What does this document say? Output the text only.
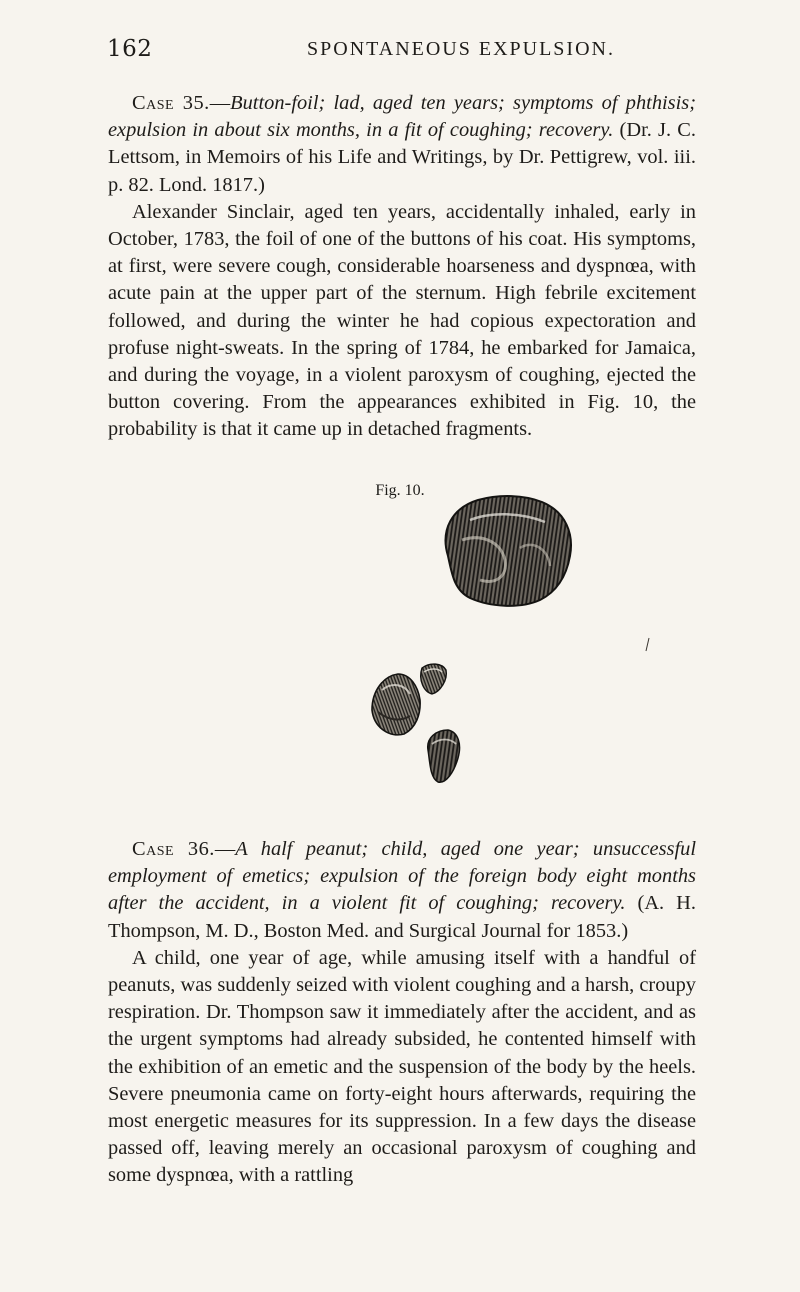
162	SPONTANEOUS EXPULSION.

Case 35.—Button-foil; lad, aged ten years; symptoms of phthisis; expulsion in about six months, in a fit of coughing; recovery. (Dr. J. C. Lettsom, in Memoirs of his Life and Writings, by Dr. Pettigrew, vol. iii. p. 82. Lond. 1817.)

Alexander Sinclair, aged ten years, accidentally inhaled, early in October, 1783, the foil of one of the buttons of his coat. His symptoms, at first, were severe cough, considerable hoarseness and dyspnœa, with acute pain at the upper part of the sternum. High febrile excitement followed, and during the winter he had copious expectoration and profuse night-sweats. In the spring of 1784, he embarked for Jamaica, and during the voyage, in a violent paroxysm of coughing, ejected the button covering. From the appearances exhibited in Fig. 10, the probability is that it came up in detached fragments.

Fig. 10.

Case 36.—A half peanut; child, aged one year; unsuccessful employment of emetics; expulsion of the foreign body eight months after the accident, in a violent fit of coughing; recovery. (A. H. Thompson, M. D., Boston Med. and Surgical Journal for 1853.)

A child, one year of age, while amusing itself with a handful of peanuts, was suddenly seized with violent coughing and a harsh, croupy respiration. Dr. Thompson saw it immediately after the accident, and as the urgent symptoms had already subsided, he contented himself with the exhibition of an emetic and the suspension of the body by the heels. Severe pneumonia came on forty-eight hours afterwards, requiring the most energetic measures for its suppression. In a few days the disease passed off, leaving merely an occasional paroxysm of coughing and some dyspnœa, with a rattling
